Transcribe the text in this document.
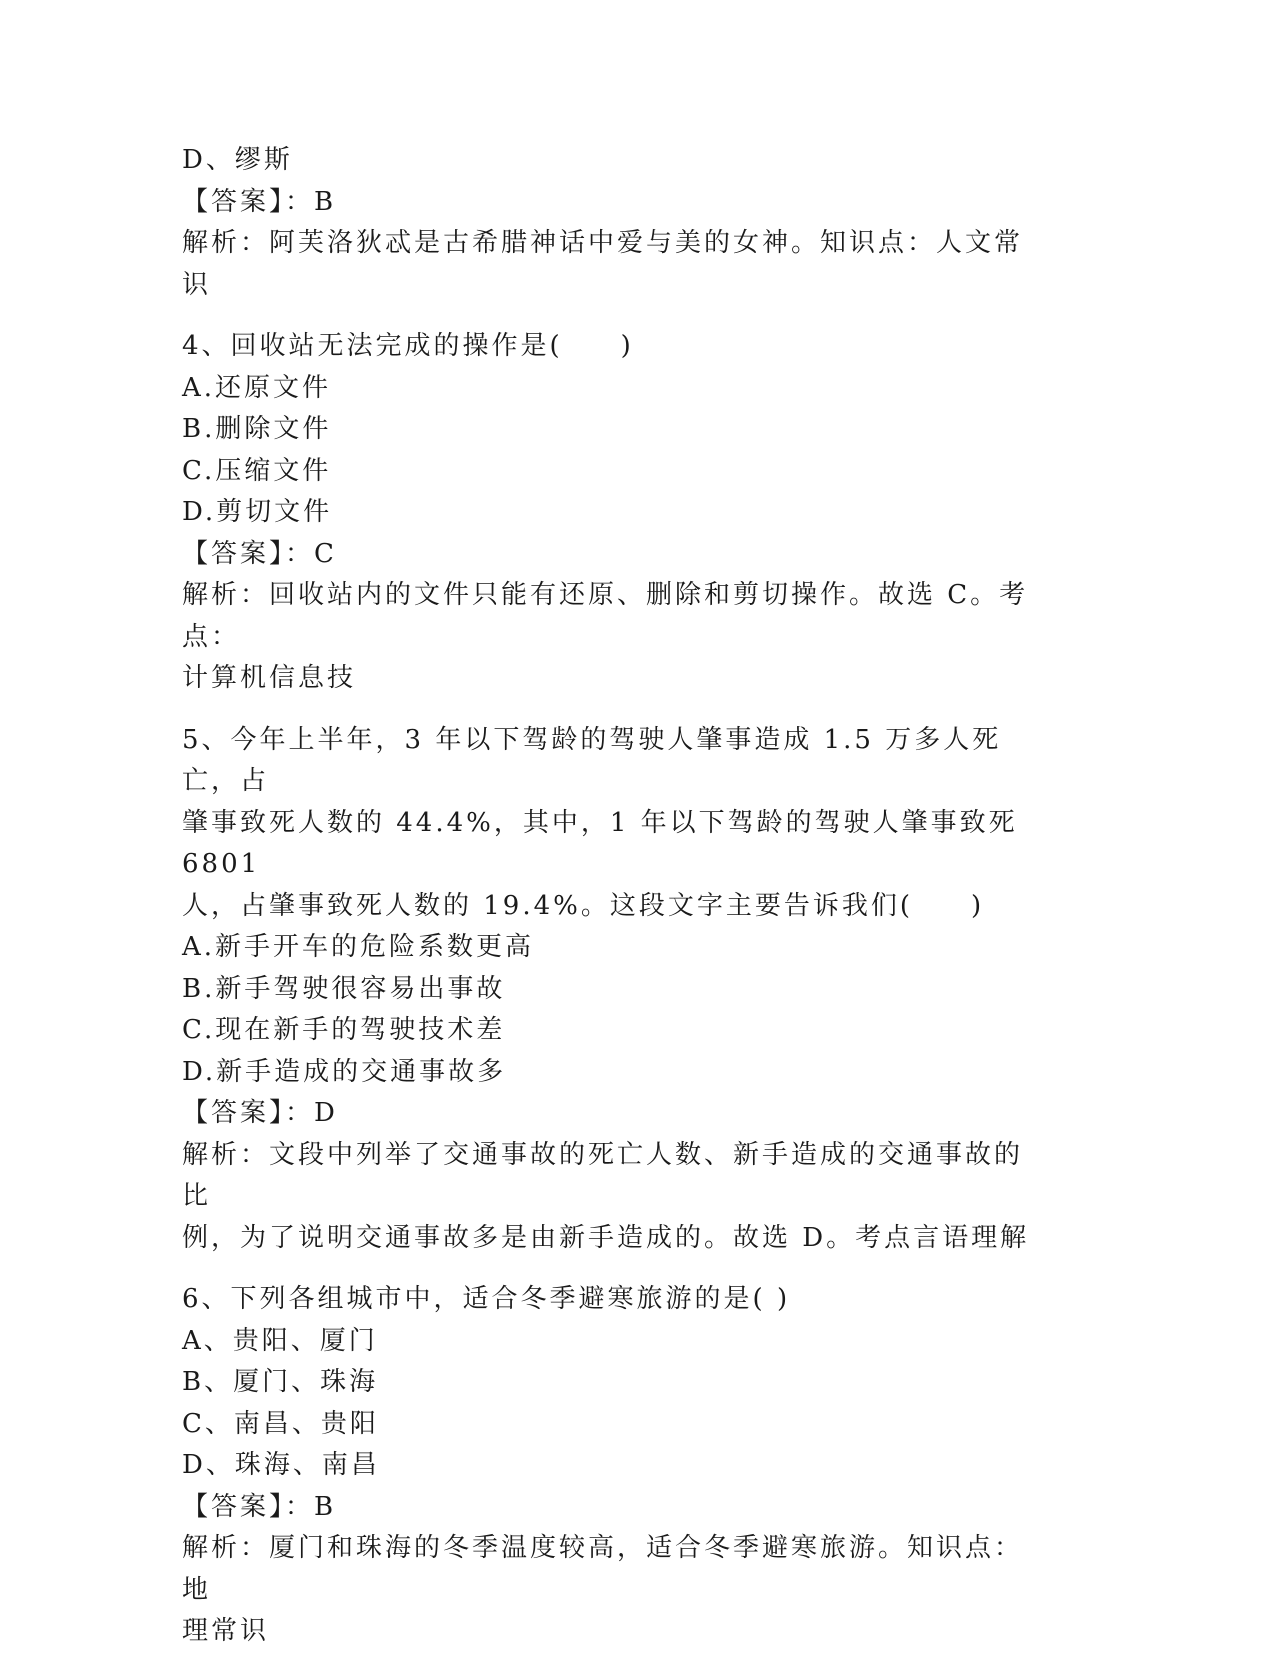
D、缪斯

【答案】：B

解析：阿芙洛狄忒是古希腊神话中爱与美的女神。知识点：人文常识

4、回收站无法完成的操作是(　　)

A.还原文件

B.删除文件

C.压缩文件

D.剪切文件

【答案】：C

解析：回收站内的文件只能有还原、删除和剪切操作。故选 C。考点：

计算机信息技

5、今年上半年，3 年以下驾龄的驾驶人肇事造成 1.5 万多人死亡，占

肇事致死人数的 44.4%，其中，1 年以下驾龄的驾驶人肇事致死 6801

人，占肇事致死人数的 19.4%。这段文字主要告诉我们(　　)

A.新手开车的危险系数更高

B.新手驾驶很容易出事故

C.现在新手的驾驶技术差

D.新手造成的交通事故多

【答案】：D

解析：文段中列举了交通事故的死亡人数、新手造成的交通事故的比

例，为了说明交通事故多是由新手造成的。故选 D。考点言语理解

6、下列各组城市中，适合冬季避寒旅游的是( )

A、贵阳、厦门

B、厦门、珠海

C、南昌、贵阳

D、珠海、南昌

【答案】：B

解析：厦门和珠海的冬季温度较高，适合冬季避寒旅游。知识点：地

理常识
